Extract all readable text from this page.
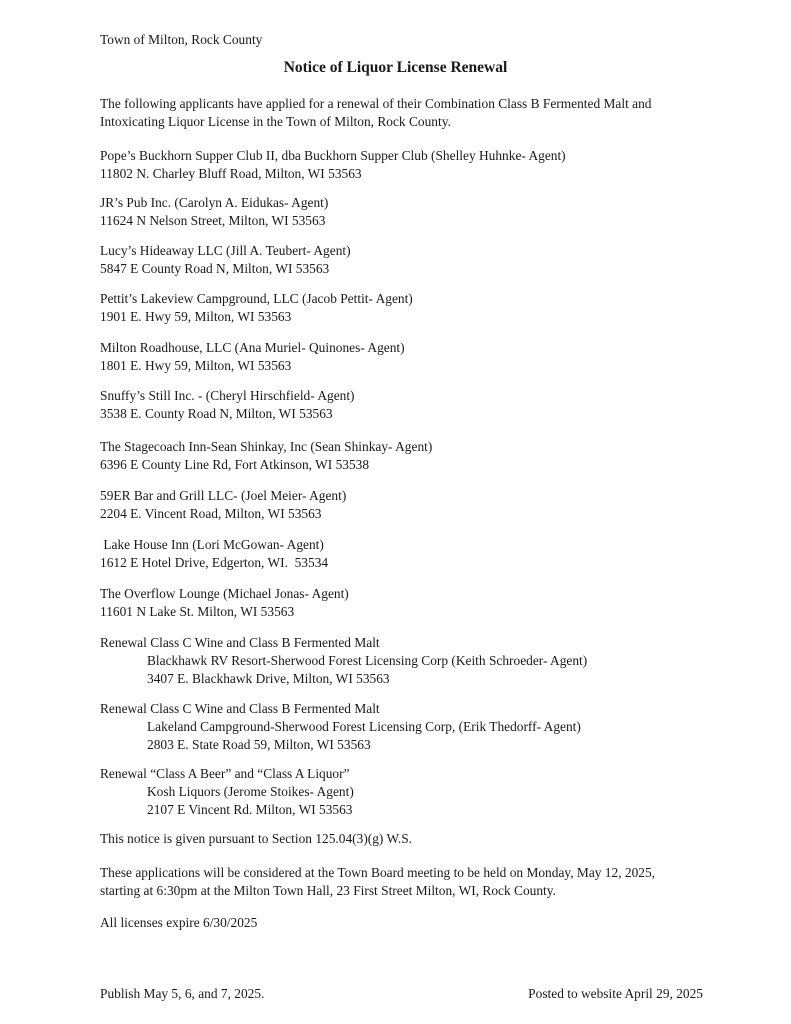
Town of Milton, Rock County
Notice of Liquor License Renewal
The following applicants have applied for a renewal of their Combination Class B Fermented Malt and
Intoxicating Liquor License in the Town of Milton, Rock County.
Pope’s Buckhorn Supper Club II, dba Buckhorn Supper Club (Shelley Huhnke- Agent)
11802 N. Charley Bluff Road, Milton, WI 53563
JR’s Pub Inc. (Carolyn A. Eidukas- Agent)
11624 N Nelson Street, Milton, WI 53563
Lucy’s Hideaway LLC (Jill A. Teubert- Agent)
5847 E County Road N, Milton, WI 53563
Pettit’s Lakeview Campground, LLC (Jacob Pettit- Agent)
1901 E. Hwy 59, Milton, WI 53563
Milton Roadhouse, LLC (Ana Muriel- Quinones- Agent)
1801 E. Hwy 59, Milton, WI 53563
Snuffy’s Still Inc. - (Cheryl Hirschfield- Agent)
3538 E. County Road N, Milton, WI 53563
The Stagecoach Inn-Sean Shinkay, Inc (Sean Shinkay- Agent)
6396 E County Line Rd, Fort Atkinson, WI 53538
59ER Bar and Grill LLC- (Joel Meier- Agent)
2204 E. Vincent Road, Milton, WI 53563
Lake House Inn (Lori McGowan- Agent)
1612 E Hotel Drive, Edgerton, WI.  53534
The Overflow Lounge (Michael Jonas- Agent)
11601 N Lake St. Milton, WI 53563
Renewal Class C Wine and Class B Fermented Malt
Blackhawk RV Resort-Sherwood Forest Licensing Corp (Keith Schroeder- Agent)
3407 E. Blackhawk Drive, Milton, WI 53563
Renewal Class C Wine and Class B Fermented Malt
Lakeland Campground-Sherwood Forest Licensing Corp, (Erik Thedorff- Agent)
2803 E. State Road 59, Milton, WI 53563
Renewal “Class A Beer” and “Class A Liquor”
Kosh Liquors (Jerome Stoikes- Agent)
2107 E Vincent Rd. Milton, WI 53563
This notice is given pursuant to Section 125.04(3)(g) W.S.
These applications will be considered at the Town Board meeting to be held on Monday, May 12, 2025,
starting at 6:30pm at the Milton Town Hall, 23 First Street Milton, WI, Rock County.
All licenses expire 6/30/2025
Publish May 5, 6, and 7, 2025.	Posted to website April 29, 2025
